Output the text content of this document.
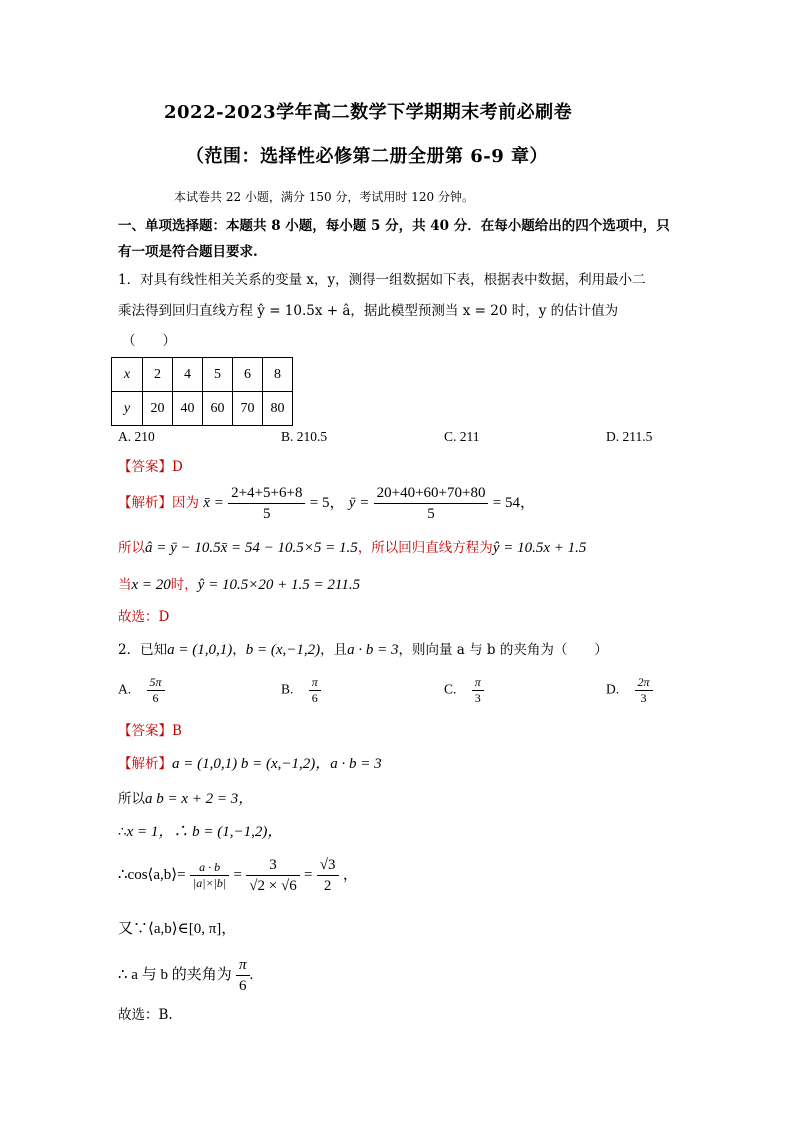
2022-2023学年高二数学下学期期末考前必刷卷
（范围：选择性必修第二册全册第 6-9 章）
本试卷共 22 小题，满分 150 分，考试用时 120 分钟。
一、单项选择题：本题共 8 小题，每小题 5 分，共 40 分．在每小题给出的四个选项中，只
有一项是符合题目要求.
1．对具有线性相关关系的变量 x，y，测得一组数据如下表，根据表中数据，利用最小二
乘法得到回归直线方程 ŷ = 10.5x + â，据此模型预测当 x = 20 时，y 的估计值为
（　　）
x	2	4	5	6	8
y	20	40	60	70	80
A. 210	B. 210.5	C. 211	D. 211.5
【答案】D
【解析】因为 x̄ = $\frac{2+4+5+6+8}{5} = 5$， ȳ = $\frac{20+40+60+70+80}{5} = 54$，
所以â = ȳ − 10.5x̄ = 54 − 10.5×5 = 1.5，所以回归直线方程为ŷ = 10.5x + 1.5
当x = 20时，ŷ = 10.5×20 + 1.5 = 211.5
故选：D
2．已知a = (1,0,1)，b = (x,−1,2)，且a · b = 3，则向量 a 与 b 的夹角为（　　）
A. $\frac{5\pi}{6}$	B. $\frac{\pi}{6}$	C. $\frac{\pi}{3}$	D. $\frac{2\pi}{3}$
【答案】B
【解析】a = (1,0,1) b = (x,−1,2)，a · b = 3
所以a b = x + 2 = 3，
∴x = 1，∴ b = (1,−1,2)，
∴cos⟨a,b⟩= $\frac{a \cdot b}{|a|\times|b|} = \frac{3}{√2 \times √6} = \frac{√3}{2}$ ，
又∵⟨a,b⟩∈[0, π]，
∴ a 与 b 的夹角为 $\frac{\pi}{6}$ .
故选：B.
